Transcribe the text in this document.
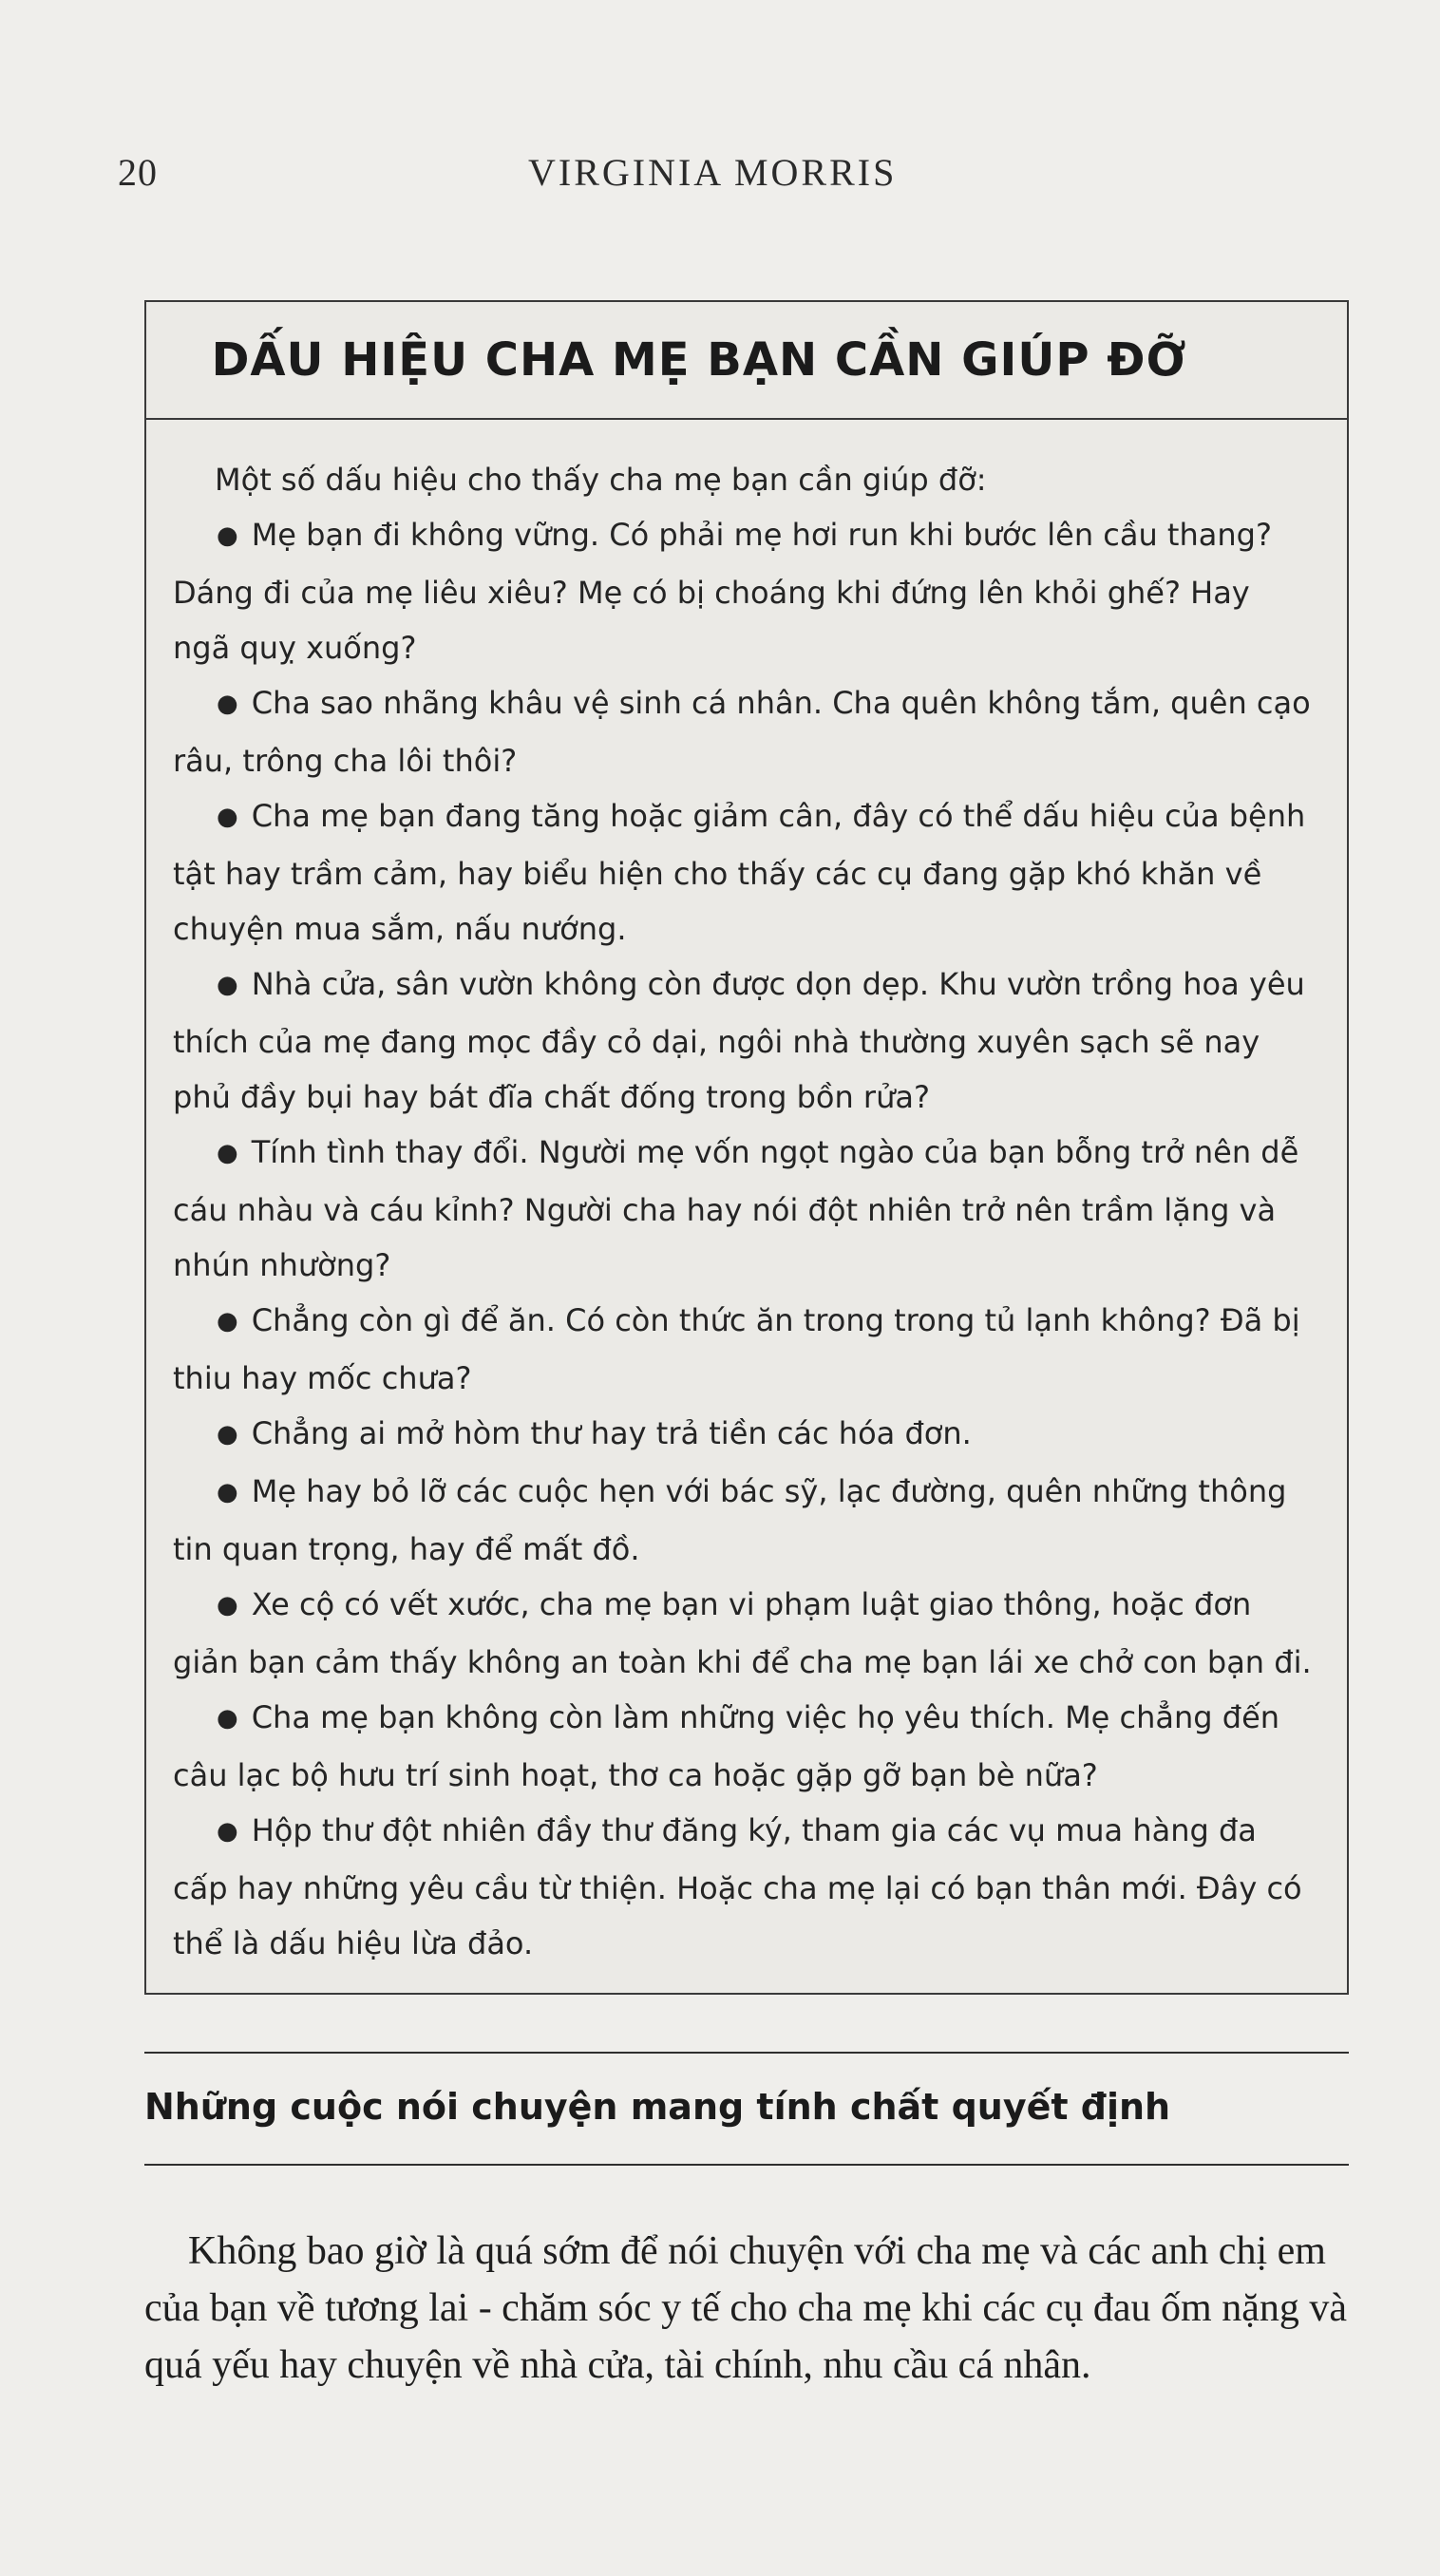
20	VIRGINIA MORRIS
DẤU HIỆU CHA MẸ BẠN CẦN GIÚP ĐỠ

Một số dấu hiệu cho thấy cha mẹ bạn cần giúp đỡ:

● Mẹ bạn đi không vững. Có phải mẹ hơi run khi bước lên cầu thang? Dáng đi của mẹ liêu xiêu? Mẹ có bị choáng khi đứng lên khỏi ghế? Hay ngã quỵ xuống?

● Cha sao nhãng khâu vệ sinh cá nhân. Cha quên không tắm, quên cạo râu, trông cha lôi thôi?

● Cha mẹ bạn đang tăng hoặc giảm cân, đây có thể dấu hiệu của bệnh tật hay trầm cảm, hay biểu hiện cho thấy các cụ đang gặp khó khăn về chuyện mua sắm, nấu nướng.

● Nhà cửa, sân vườn không còn được dọn dẹp. Khu vườn trồng hoa yêu thích của mẹ đang mọc đầy cỏ dại, ngôi nhà thường xuyên sạch sẽ nay phủ đầy bụi hay bát đĩa chất đống trong bồn rửa?

● Tính tình thay đổi. Người mẹ vốn ngọt ngào của bạn bỗng trở nên dễ cáu nhàu và cáu kỉnh? Người cha hay nói đột nhiên trở nên trầm lặng và nhún nhường?

● Chẳng còn gì để ăn. Có còn thức ăn trong trong tủ lạnh không? Đã bị thiu hay mốc chưa?

● Chẳng ai mở hòm thư hay trả tiền các hóa đơn.

● Mẹ hay bỏ lỡ các cuộc hẹn với bác sỹ, lạc đường, quên những thông tin quan trọng, hay để mất đồ.

● Xe cộ có vết xước, cha mẹ bạn vi phạm luật giao thông, hoặc đơn giản bạn cảm thấy không an toàn khi để cha mẹ bạn lái xe chở con bạn đi.

● Cha mẹ bạn không còn làm những việc họ yêu thích. Mẹ chẳng đến câu lạc bộ hưu trí sinh hoạt, thơ ca hoặc gặp gỡ bạn bè nữa?

● Hộp thư đột nhiên đầy thư đăng ký, tham gia các vụ mua hàng đa cấp hay những yêu cầu từ thiện. Hoặc cha mẹ lại có bạn thân mới. Đây có thể là dấu hiệu lừa đảo.

Những cuộc nói chuyện mang tính chất quyết định

Không bao giờ là quá sớm để nói chuyện với cha mẹ và các anh chị em của bạn về tương lai - chăm sóc y tế cho cha mẹ khi các cụ đau ốm nặng và quá yếu hay chuyện về nhà cửa, tài chính, nhu cầu cá nhân.
